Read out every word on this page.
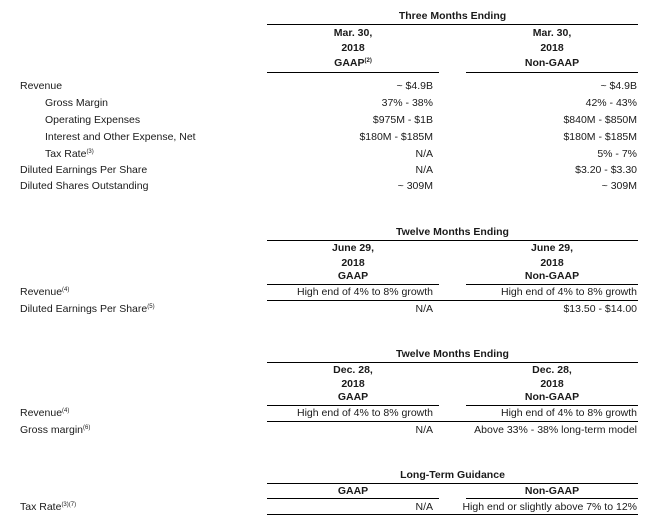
Three Months Ending
Mar. 30,
2018
GAAP$^{(2)}$
Mar. 30,
2018
Non-GAAP
Revenue	~ $4.9B	~ $4.9B
Gross Margin	37% - 38%	42% - 43%
Operating Expenses	$975M - $1B	$840M - $850M
Interest and Other Expense, Net	$180M - $185M	$180M - $185M
Tax Rate$^{(3)}$	N/A	5% - 7%
Diluted Earnings Per Share	N/A	$3.20 - $3.30
Diluted Shares Outstanding	~ 309M	~ 309M
Twelve Months Ending
June 29,
2018
GAAP
June 29,
2018
Non-GAAP
Revenue$^{(4)}$	High end of 4% to 8% growth	High end of 4% to 8% growth
Diluted Earnings Per Share$^{(5)}$	N/A	$13.50 - $14.00
Twelve Months Ending
Dec. 28,
2018
GAAP
Dec. 28,
2018
Non-GAAP
Revenue$^{(4)}$	High end of 4% to 8% growth	High end of 4% to 8% growth
Gross margin$^{(6)}$	N/A	Above 33% - 38% long-term model
Long-Term Guidance
GAAP	Non-GAAP
Tax Rate$^{(3)(7)}$	N/A	High end or slightly above 7% to 12%
